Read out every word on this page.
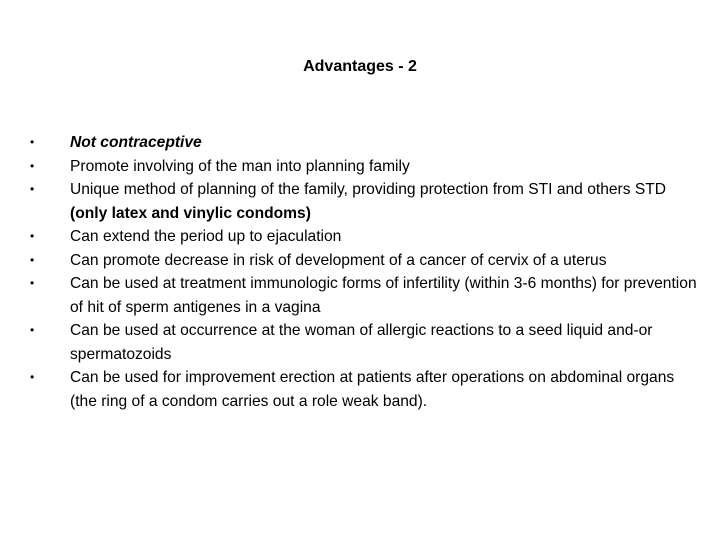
Advantages - 2
• Not contraceptive
• Promote involving of the man into planning family
• Unique method of planning of the family, providing protection from STI and others STD (only latex and vinylic condoms)
• Can extend the period up to ejaculation
• Can promote decrease in risk of development of a cancer of cervix of a uterus
• Can be used at treatment immunologic forms of infertility (within 3-6 months) for prevention of hit of sperm antigenes in a vagina
• Can be used at occurrence at the woman of allergic reactions to a seed liquid and-or spermatozoids
• Can be used for improvement erection at patients after operations on abdominal organs (the ring of a condom carries out a role weak band).
